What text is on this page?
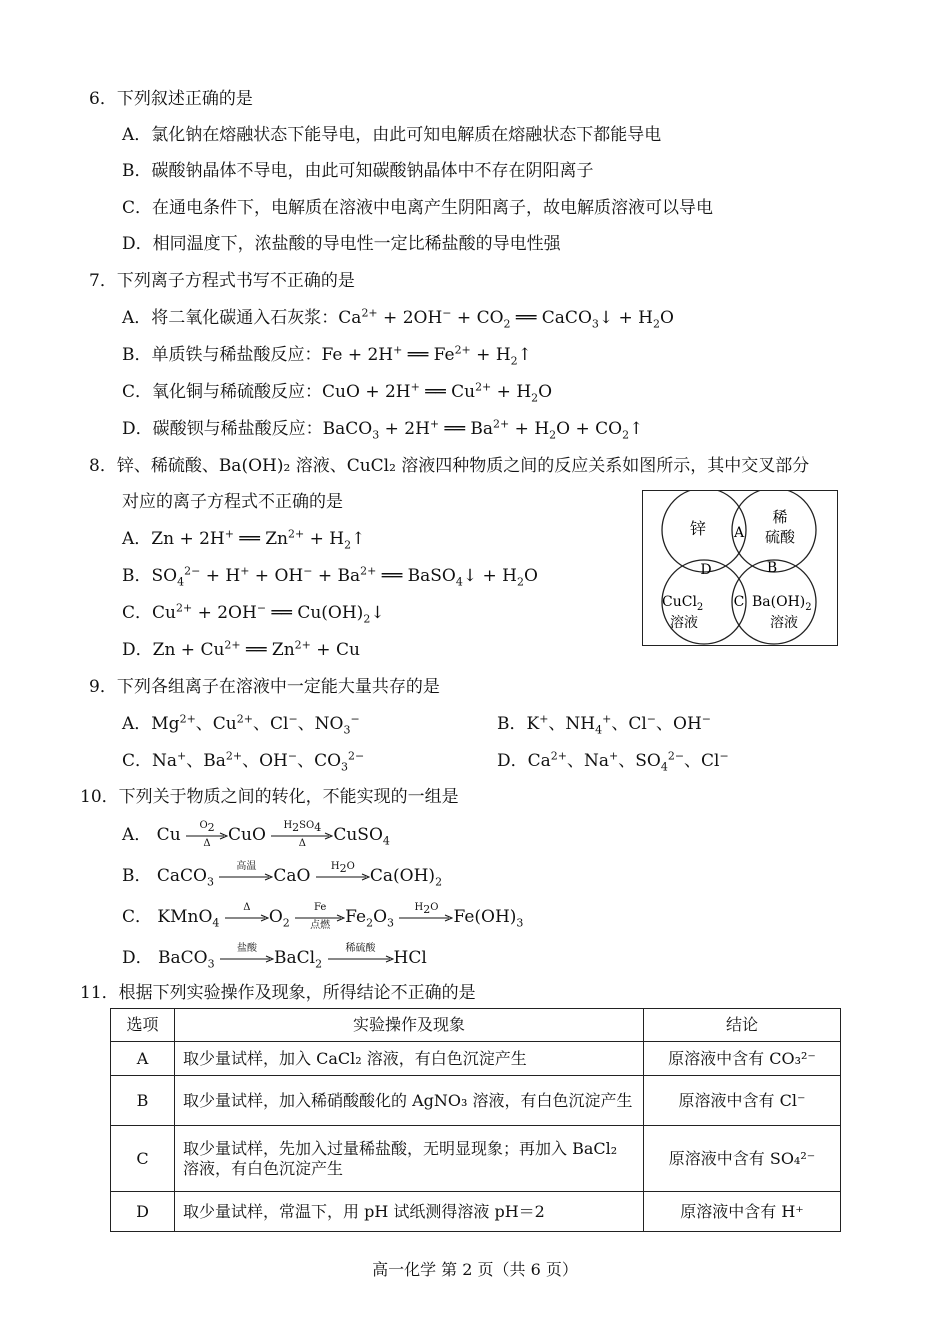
6．下列叙述正确的是
A．氯化钠在熔融状态下能导电，由此可知电解质在熔融状态下都能导电
B．碳酸钠晶体不导电，由此可知碳酸钠晶体中不存在阴阳离子
C．在通电条件下，电解质在溶液中电离产生阴阳离子，故电解质溶液可以导电
D．相同温度下，浓盐酸的导电性一定比稀盐酸的导电性强
7．下列离子方程式书写不正确的是
A．将二氧化碳通入石灰浆：$Ca^{2+} + 2OH^- + CO_2$ ══ CaCO$_3$↓ + $H_2O$
B．单质铁与稀盐酸反应：Fe + 2H+ ══ $Fe^{2+}$ + $H_2↑$
C．氧化铜与稀硫酸反应：CuO + 2H+ ══ $Cu^{2+} + H_2O$
D．碳酸钡与稀盐酸反应：BaCO$_3$ + 2H+ ══ $Ba^{2+} + H_2O$ + $CO_2↑$
8．锌、稀硫酸、Ba(OH)₂ 溶液、CuCl₂ 溶液四种物质之间的反应关系如图所示，其中交叉部分
对应的离子方程式不正确的是
A．Zn + 2H+ ══ $Zn^{2+}$ + $H_2↑$
B．$SO_4^{2-} + H^+ + OH^- + Ba^{2+}$ ══ BaSO$_4$↓ + $H_2O$
C．$Cu^{2+} + 2OH^-$ ══ $Cu(OH)_2↓$
D．$Zn + Cu^{2+}$ ══ $Zn^{2+} + Cu$
锌
稀
硫酸
A
B
C
D
CuCl$_2$
溶液
$Ba(OH)_2$
溶液
9．下列各组离子在溶液中一定能大量共存的是
A．$Mg^{2+}$、$Cu^{2+}$、Cl−、$NO_3^-$	B．K+、$NH_4^+$、Cl−、OH−
C．Na+、$Ba^{2+}$、OH−、$CO_3^{2-}$	D．$Ca^{2+}$、Na+、$SO_4^{2-}$、Cl−
10．下列关于物质之间的转化，不能实现的一组是
A． Cu	$O_2$
Δ	CuO	$H_2SO_4$
Δ	CuSO$_4$
B． CaCO$_3$
高温	CaO	$H_2O$ $Ca(OH)_2$
C． KMnO$_4$
Δ	$O_2$
Fe
点燃 $Fe_2O_3$
$H_2O$ $Fe(OH)_3$
D． BaCO$_3$
盐酸	BaCl$_2$
稀硫酸	HCl
11．根据下列实验操作及现象，所得结论不正确的是
选项	实验操作及现象	结论
A	取少量试样，加入 CaCl₂ 溶液，有白色沉淀产生	原溶液中含有 CO₃²⁻
B	取少量试样，加入稀硝酸酸化的 AgNO₃ 溶液，有白色沉淀产生	原溶液中含有 Cl⁻
C	取少量试样，先加入过量稀盐酸，无明显现象；再加入 BaCl₂ 溶液，有白色沉淀产生	原溶液中含有 SO₄²⁻
D	取少量试样，常温下，用 pH 试纸测得溶液 pH＝2	原溶液中含有 H⁺
高一化学 第 2 页（共 6 页）
